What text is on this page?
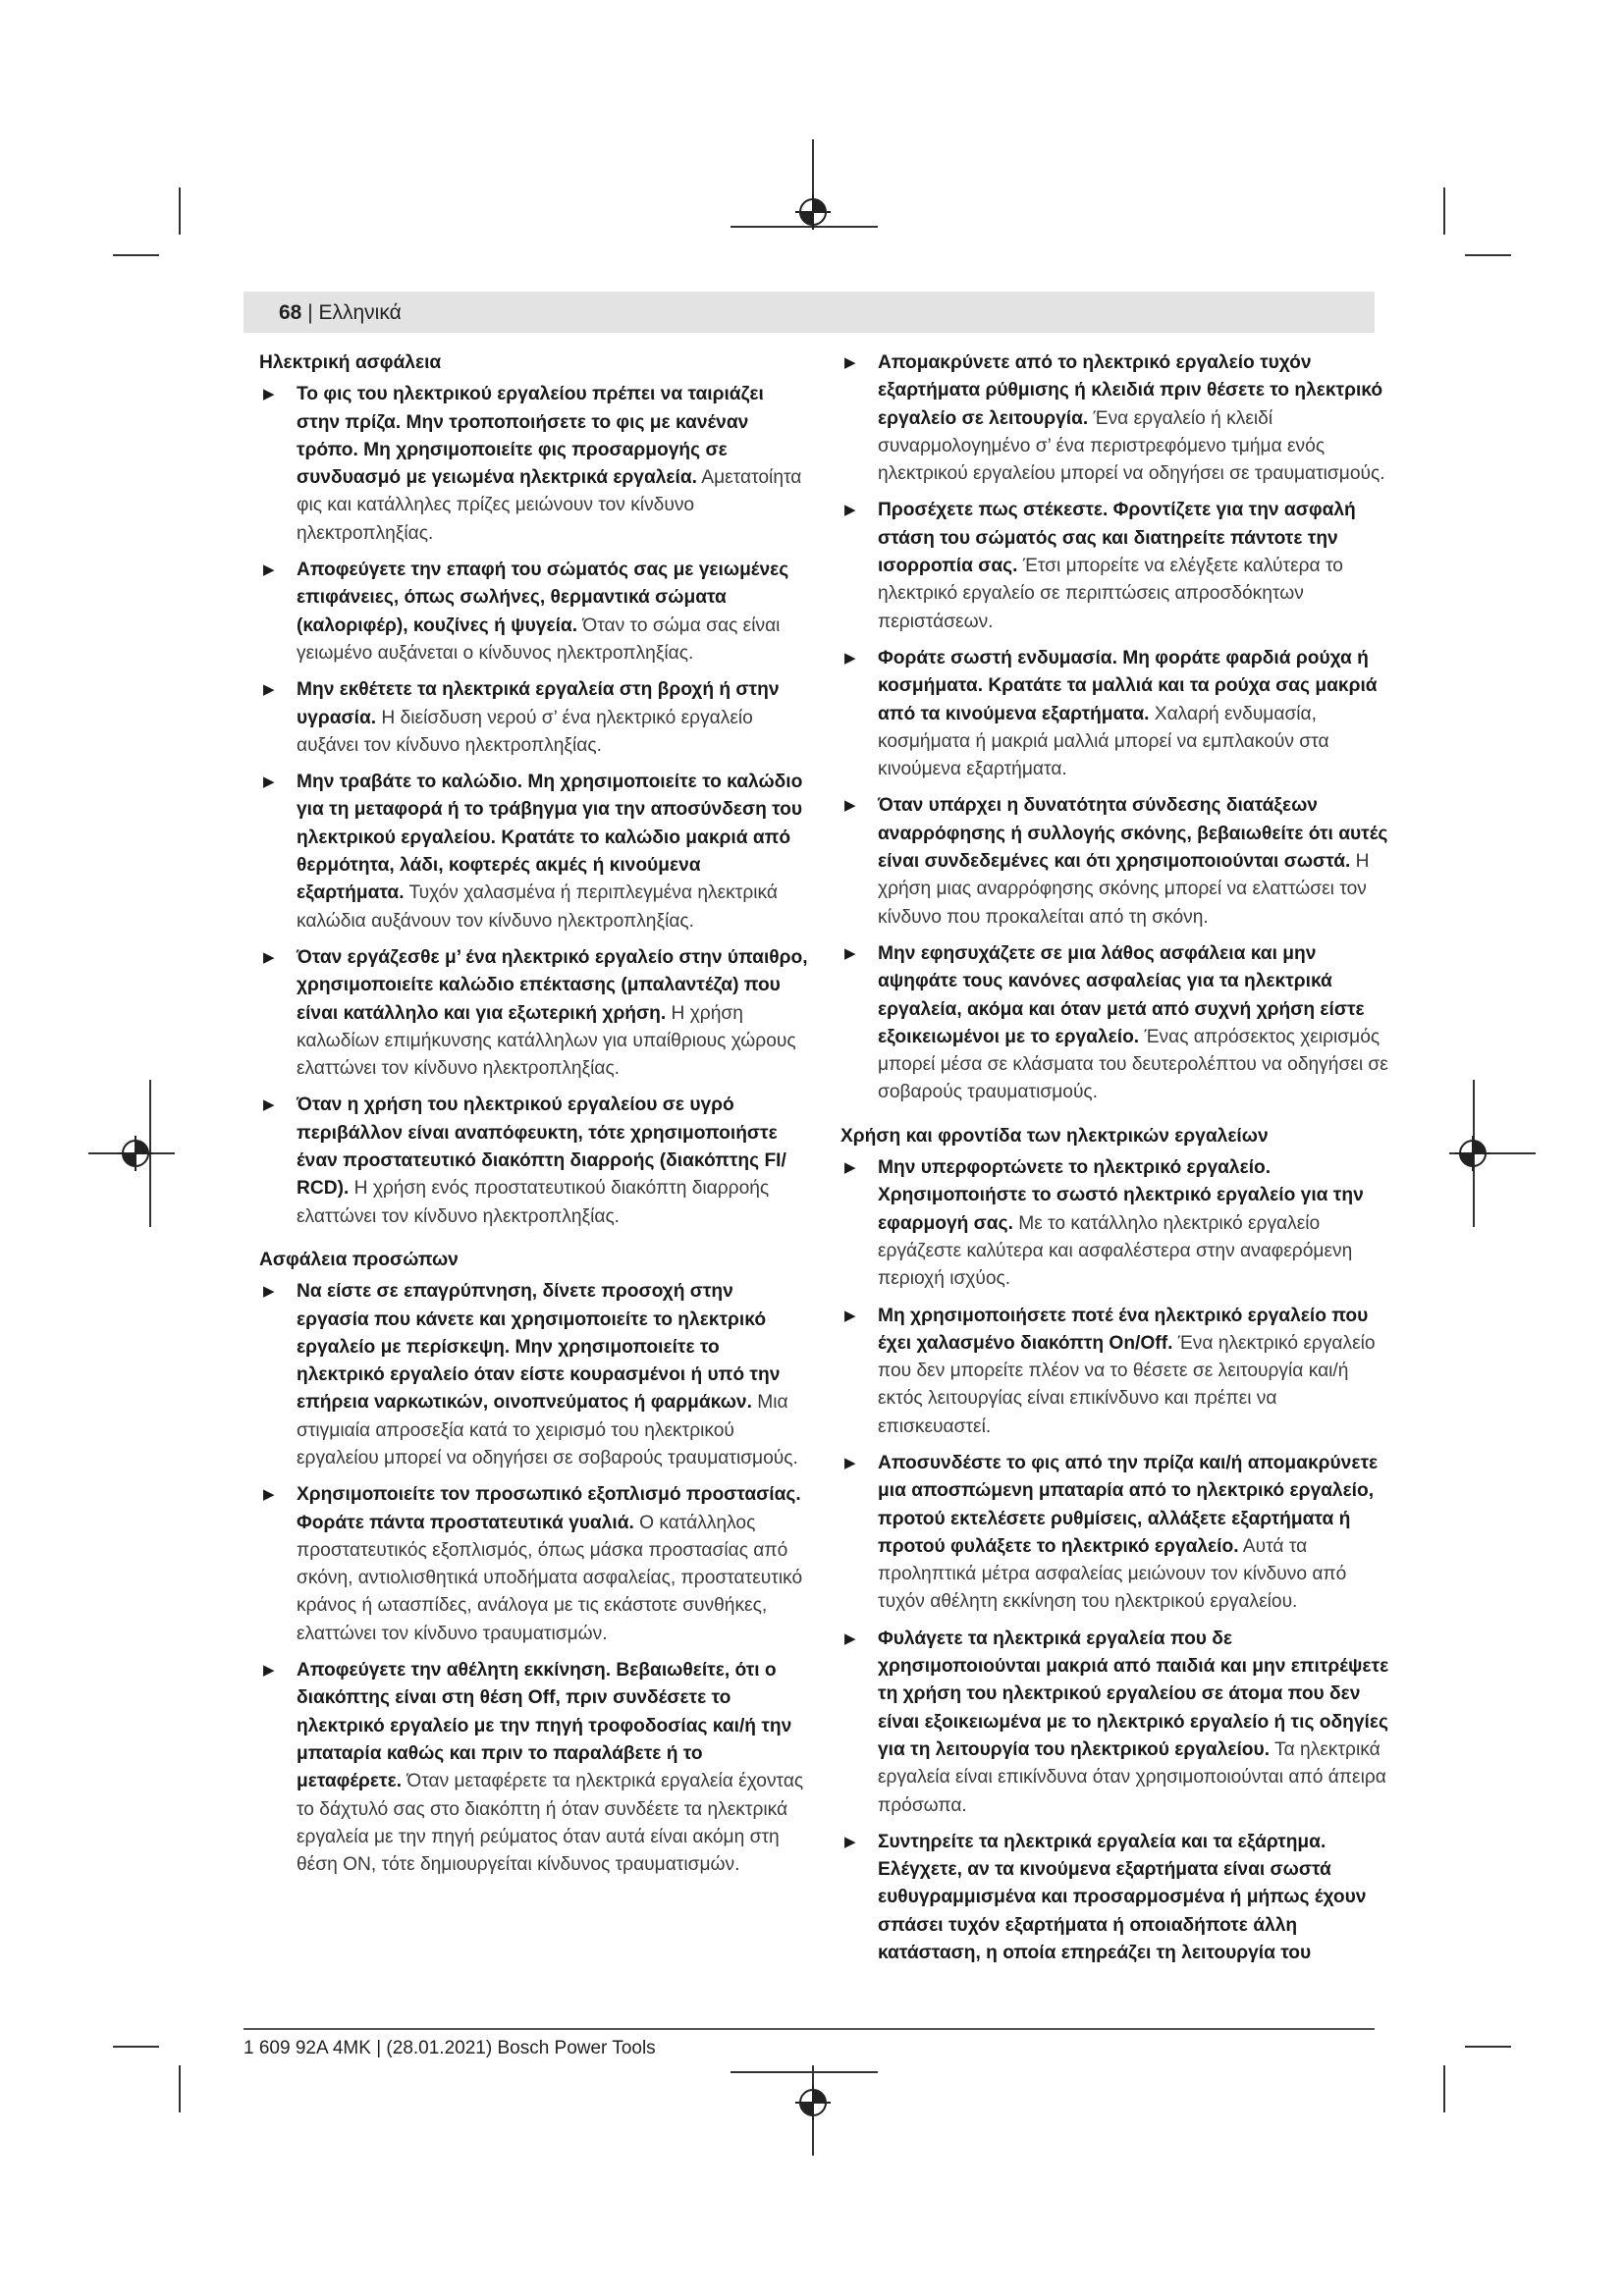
68 | Ελληνικά
Ηλεκτρική ασφάλεια
▶ Το φις του ηλεκτρικού εργαλείου πρέπει να ταιριάζει στην πρίζα. Μην τροποποιήσετε το φις με κανέναν τρόπο. Μη χρησιμοποιείτε φις προσαρμογής σε συνδυασμό με γειωμένα ηλεκτρικά εργαλεία. Αμετατοίητα φις και κατάλληλες πρίζες μειώνουν τον κίνδυνο ηλεκτροπληξίας.
▶ Αποφεύγετε την επαφή του σώματός σας με γειωμένες επιφάνειες, όπως σωλήνες, θερμαντικά σώματα (καλοριφέρ), κουζίνες ή ψυγεία. Όταν το σώμα σας είναι γειωμένο αυξάνεται ο κίνδυνος ηλεκτροπληξίας.
▶ Μην εκθέτετε τα ηλεκτρικά εργαλεία στη βροχή ή στην υγρασία. Η διείσδυση νερού σ’ ένα ηλεκτρικό εργαλείο αυξάνει τον κίνδυνο ηλεκτροπληξίας.
▶ Μην τραβάτε το καλώδιο. Μη χρησιμοποιείτε το καλώδιο για τη μεταφορά ή το τράβηγμα για την αποσύνδεση του ηλεκτρικού εργαλείου. Κρατάτε το καλώδιο μακριά από θερμότητα, λάδι, κοφτερές ακμές ή κινούμενα εξαρτήματα. Τυχόν χαλασμένα ή περιπλεγμένα ηλεκτρικά καλώδια αυξάνουν τον κίνδυνο ηλεκτροπληξίας.
▶ Όταν εργάζεσθε μ’ ένα ηλεκτρικό εργαλείο στην ύπαιθρο, χρησιμοποιείτε καλώδιο επέκτασης (μπαλαντέζα) που είναι κατάλληλο και για εξωτερική χρήση. Η χρήση καλωδίων επιμήκυνσης κατάλληλων για υπαίθριους χώρους ελαττώνει τον κίνδυνο ηλεκτροπληξίας.
▶ Όταν η χρήση του ηλεκτρικού εργαλείου σε υγρό περιβάλλον είναι αναπόφευκτη, τότε χρησιμοποιήστε έναν προστατευτικό διακόπτη διαρροής (διακόπτης FI/ RCD). Η χρήση ενός προστατευτικού διακόπτη διαρροής ελαττώνει τον κίνδυνο ηλεκτροπληξίας.
Ασφάλεια προσώπων
▶ Να είστε σε επαγρύπνηση, δίνετε προσοχή στην εργασία που κάνετε και χρησιμοποιείτε το ηλεκτρικό εργαλείο με περίσκεψη. Μην χρησιμοποιείτε το ηλεκτρικό εργαλείο όταν είστε κουρασμένοι ή υπό την επήρεια ναρκωτικών, οινοπνεύματος ή φαρμάκων. Μια στιγμιαία απροσεξία κατά το χειρισμό του ηλεκτρικού εργαλείου μπορεί να οδηγήσει σε σοβαρούς τραυματισμούς.
▶ Χρησιμοποιείτε τον προσωπικό εξοπλισμό προστασίας. Φοράτε πάντα προστατευτικά γυαλιά. Ο κατάλληλος προστατευτικός εξοπλισμός, όπως μάσκα προστασίας από σκόνη, αντιολισθητικά υποδήματα ασφαλείας, προστατευτικό κράνος ή ωτασπίδες, ανάλογα με τις εκάστοτε συνθήκες, ελαττώνει τον κίνδυνο τραυματισμών.
▶ Αποφεύγετε την αθέλητη εκκίνηση. Βεβαιωθείτε, ότι ο διακόπτης είναι στη θέση Off, πριν συνδέσετε το ηλεκτρικό εργαλείο με την πηγή τροφοδοσίας και/ή την μπαταρία καθώς και πριν το παραλάβετε ή το μεταφέρετε. Όταν μεταφέρετε τα ηλεκτρικά εργαλεία έχοντας το δάχτυλό σας στο διακόπτη ή όταν συνδέετε τα ηλεκτρικά εργαλεία με την πηγή ρεύματος όταν αυτά είναι ακόμη στη θέση ON, τότε δημιουργείται κίνδυνος τραυματισμών.
▶ Απομακρύνετε από το ηλεκτρικό εργαλείο τυχόν εξαρτήματα ρύθμισης ή κλειδιά πριν θέσετε το ηλεκτρικό εργαλείο σε λειτουργία. Ένα εργαλείο ή κλειδί συναρμολογημένο σ’ ένα περιστρεφόμενο τμήμα ενός ηλεκτρικού εργαλείου μπορεί να οδηγήσει σε τραυματισμούς.
▶ Προσέχετε πως στέκεστε. Φροντίζετε για την ασφαλή στάση του σώματός σας και διατηρείτε πάντοτε την ισορροπία σας. Έτσι μπορείτε να ελέγξετε καλύτερα το ηλεκτρικό εργαλείο σε περιπτώσεις απροσδόκητων περιστάσεων.
▶ Φοράτε σωστή ενδυμασία. Μη φοράτε φαρδιά ρούχα ή κοσμήματα. Κρατάτε τα μαλλιά και τα ρούχα σας μακριά από τα κινούμενα εξαρτήματα. Χαλαρή ενδυμασία, κοσμήματα ή μακριά μαλλιά μπορεί να εμπλακούν στα κινούμενα εξαρτήματα.
▶ Όταν υπάρχει η δυνατότητα σύνδεσης διατάξεων αναρρόφησης ή συλλογής σκόνης, βεβαιωθείτε ότι αυτές είναι συνδεδεμένες και ότι χρησιμοποιούνται σωστά. Η χρήση μιας αναρρόφησης σκόνης μπορεί να ελαττώσει τον κίνδυνο που προκαλείται από τη σκόνη.
▶ Μην εφησυχάζετε σε μια λάθος ασφάλεια και μην αψηφάτε τους κανόνες ασφαλείας για τα ηλεκτρικά εργαλεία, ακόμα και όταν μετά από συχνή χρήση είστε εξοικειωμένοι με το εργαλείο. Ένας απρόσεκτος χειρισμός μπορεί μέσα σε κλάσματα του δευτερολέπτου να οδηγήσει σε σοβαρούς τραυματισμούς.
Χρήση και φροντίδα των ηλεκτρικών εργαλείων
▶ Μην υπερφορτώνετε το ηλεκτρικό εργαλείο. Χρησιμοποιήστε το σωστό ηλεκτρικό εργαλείο για την εφαρμογή σας. Με το κατάλληλο ηλεκτρικό εργαλείο εργάζεστε καλύτερα και ασφαλέστερα στην αναφερόμενη περιοχή ισχύος.
▶ Μη χρησιμοποιήσετε ποτέ ένα ηλεκτρικό εργαλείο που έχει χαλασμένο διακόπτη On/Off. Ένα ηλεκτρικό εργαλείο που δεν μπορείτε πλέον να το θέσετε σε λειτουργία και/ή εκτός λειτουργίας είναι επικίνδυνο και πρέπει να επισκευαστεί.
▶ Αποσυνδέστε το φις από την πρίζα και/ή απομακρύνετε μια αποσπώμενη μπαταρία από το ηλεκτρικό εργαλείο, προτού εκτελέσετε ρυθμίσεις, αλλάξετε εξαρτήματα ή προτού φυλάξετε το ηλεκτρικό εργαλείο. Αυτά τα προληπτικά μέτρα ασφαλείας μειώνουν τον κίνδυνο από τυχόν αθέλητη εκκίνηση του ηλεκτρικού εργαλείου.
▶ Φυλάγετε τα ηλεκτρικά εργαλεία που δε χρησιμοποιούνται μακριά από παιδιά και μην επιτρέψετε τη χρήση του ηλεκτρικού εργαλείου σε άτομα που δεν είναι εξοικειωμένα με το ηλεκτρικό εργαλείο ή τις οδηγίες για τη λειτουργία του ηλεκτρικού εργαλείου. Τα ηλεκτρικά εργαλεία είναι επικίνδυνα όταν χρησιμοποιούνται από άπειρα πρόσωπα.
▶ Συντηρείτε τα ηλεκτρικά εργαλεία και τα εξάρτημα. Ελέγχετε, αν τα κινούμενα εξαρτήματα είναι σωστά ευθυγραμμισμένα και προσαρμοσμένα ή μήπως έχουν σπάσει τυχόν εξαρτήματα ή οποιαδήποτε άλλη κατάσταση, η οποία επηρεάζει τη λειτουργία του
1 609 92A 4MK | (28.01.2021) Bosch Power Tools
